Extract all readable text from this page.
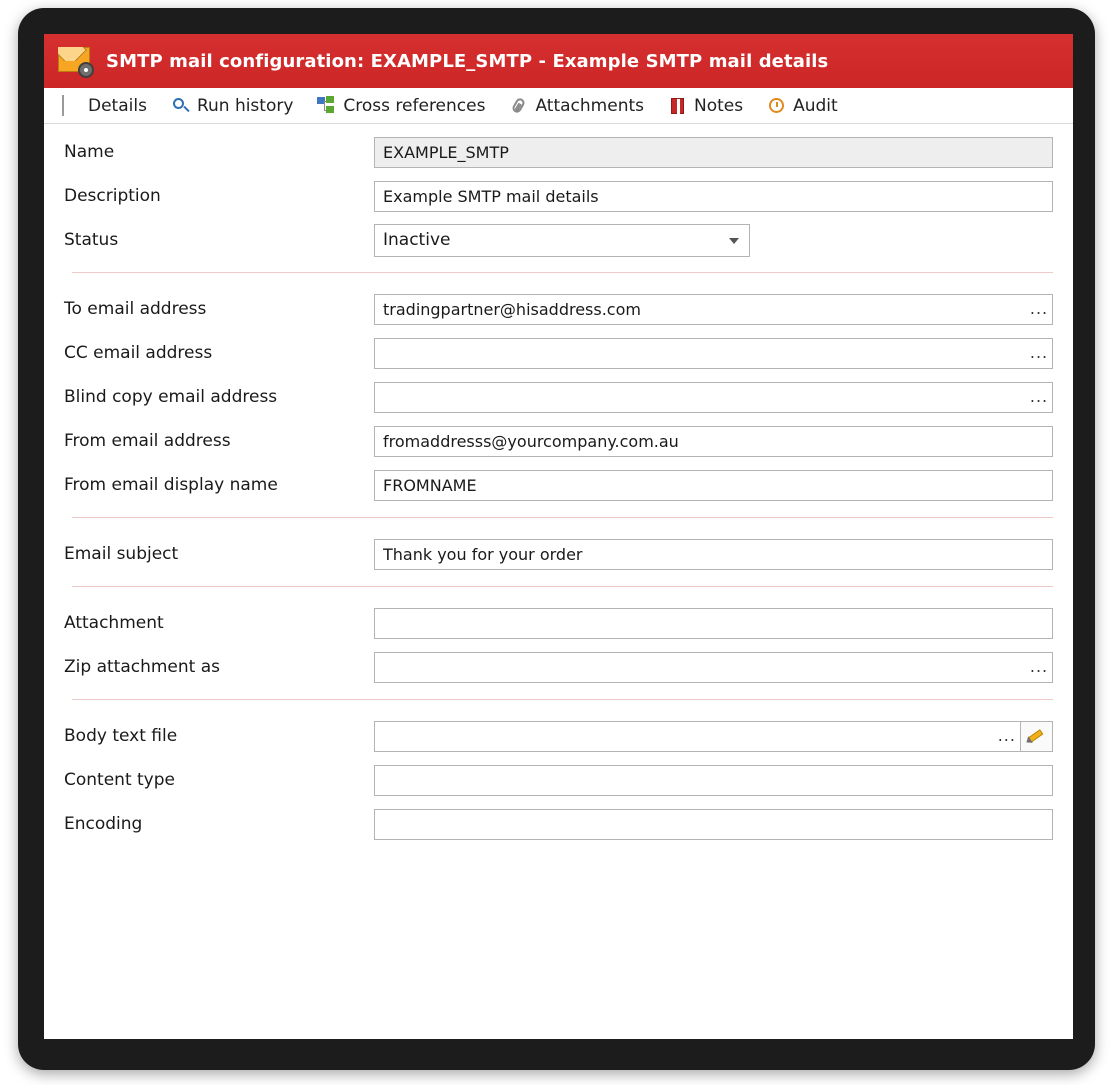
SMTP mail configuration: EXAMPLE_SMTP - Example SMTP mail details
Details	Run history	Cross references	Attachments	Notes	Audit
Name	EXAMPLE_SMTP
Description	Example SMTP mail details
Status	Inactive
To email address	tradingpartner@hisaddress.com	...
CC email address	...
Blind copy email address	...
From email address	fromaddresss@yourcompany.com.au
From email display name	FROMNAME
Email subject	Thank you for your order
Attachment
Zip attachment as	...
Body text file	...
Content type
Encoding
